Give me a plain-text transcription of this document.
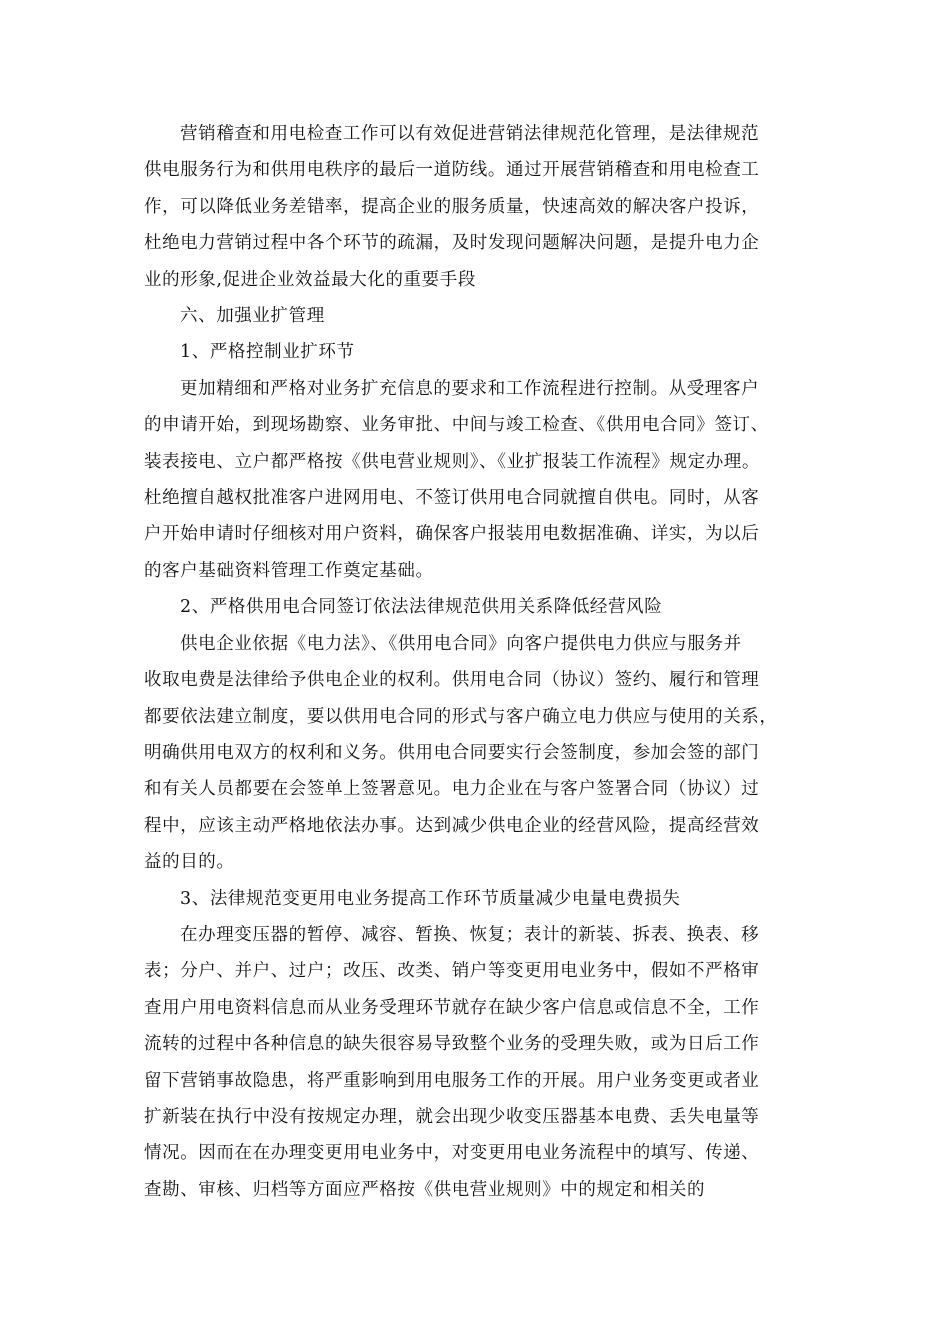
营销稽查和用电检查工作可以有效促进营销法律规范化管理，是法律规范
供电服务行为和供用电秩序的最后一道防线。通过开展营销稽查和用电检查工
作，可以降低业务差错率，提高企业的服务质量，快速高效的解决客户投诉，
杜绝电力营销过程中各个环节的疏漏，及时发现问题解决问题，是提升电力企
业的形象,促进企业效益最大化的重要手段

六、加强业扩管理

1、严格控制业扩环节

更加精细和严格对业务扩充信息的要求和工作流程进行控制。从受理客户
的申请开始，到现场勘察、业务审批、中间与竣工检查、《供用电合同》签订、
装表接电、立户都严格按《供电营业规则》、《业扩报装工作流程》规定办理。
杜绝擅自越权批准客户进网用电、不签订供用电合同就擅自供电。同时，从客
户开始申请时仔细核对用户资料，确保客户报装用电数据准确、详实，为以后
的客户基础资料管理工作奠定基础。

2、严格供用电合同签订依法法律规范供用关系降低经营风险

供电企业依据《电力法》、《供用电合同》向客户提供电力供应与服务并
收取电费是法律给予供电企业的权利。供用电合同（协议）签约、履行和管理
都要依法建立制度，要以供用电合同的形式与客户确立电力供应与使用的关系，
明确供用电双方的权利和义务。供用电合同要实行会签制度，参加会签的部门
和有关人员都要在会签单上签署意见。电力企业在与客户签署合同（协议）过
程中，应该主动严格地依法办事。达到减少供电企业的经营风险，提高经营效
益的目的。

3、法律规范变更用电业务提高工作环节质量减少电量电费损失

在办理变压器的暂停、减容、暂换、恢复；表计的新装、拆表、换表、移
表；分户、并户、过户；改压、改类、销户等变更用电业务中，假如不严格审
查用户用电资料信息而从业务受理环节就存在缺少客户信息或信息不全，工作
流转的过程中各种信息的缺失很容易导致整个业务的受理失败，或为日后工作
留下营销事故隐患，将严重影响到用电服务工作的开展。用户业务变更或者业
扩新装在执行中没有按规定办理，就会出现少收变压器基本电费、丢失电量等
情况。因而在在办理变更用电业务中，对变更用电业务流程中的填写、传递、
查勘、审核、归档等方面应严格按《供电营业规则》中的规定和相关的
